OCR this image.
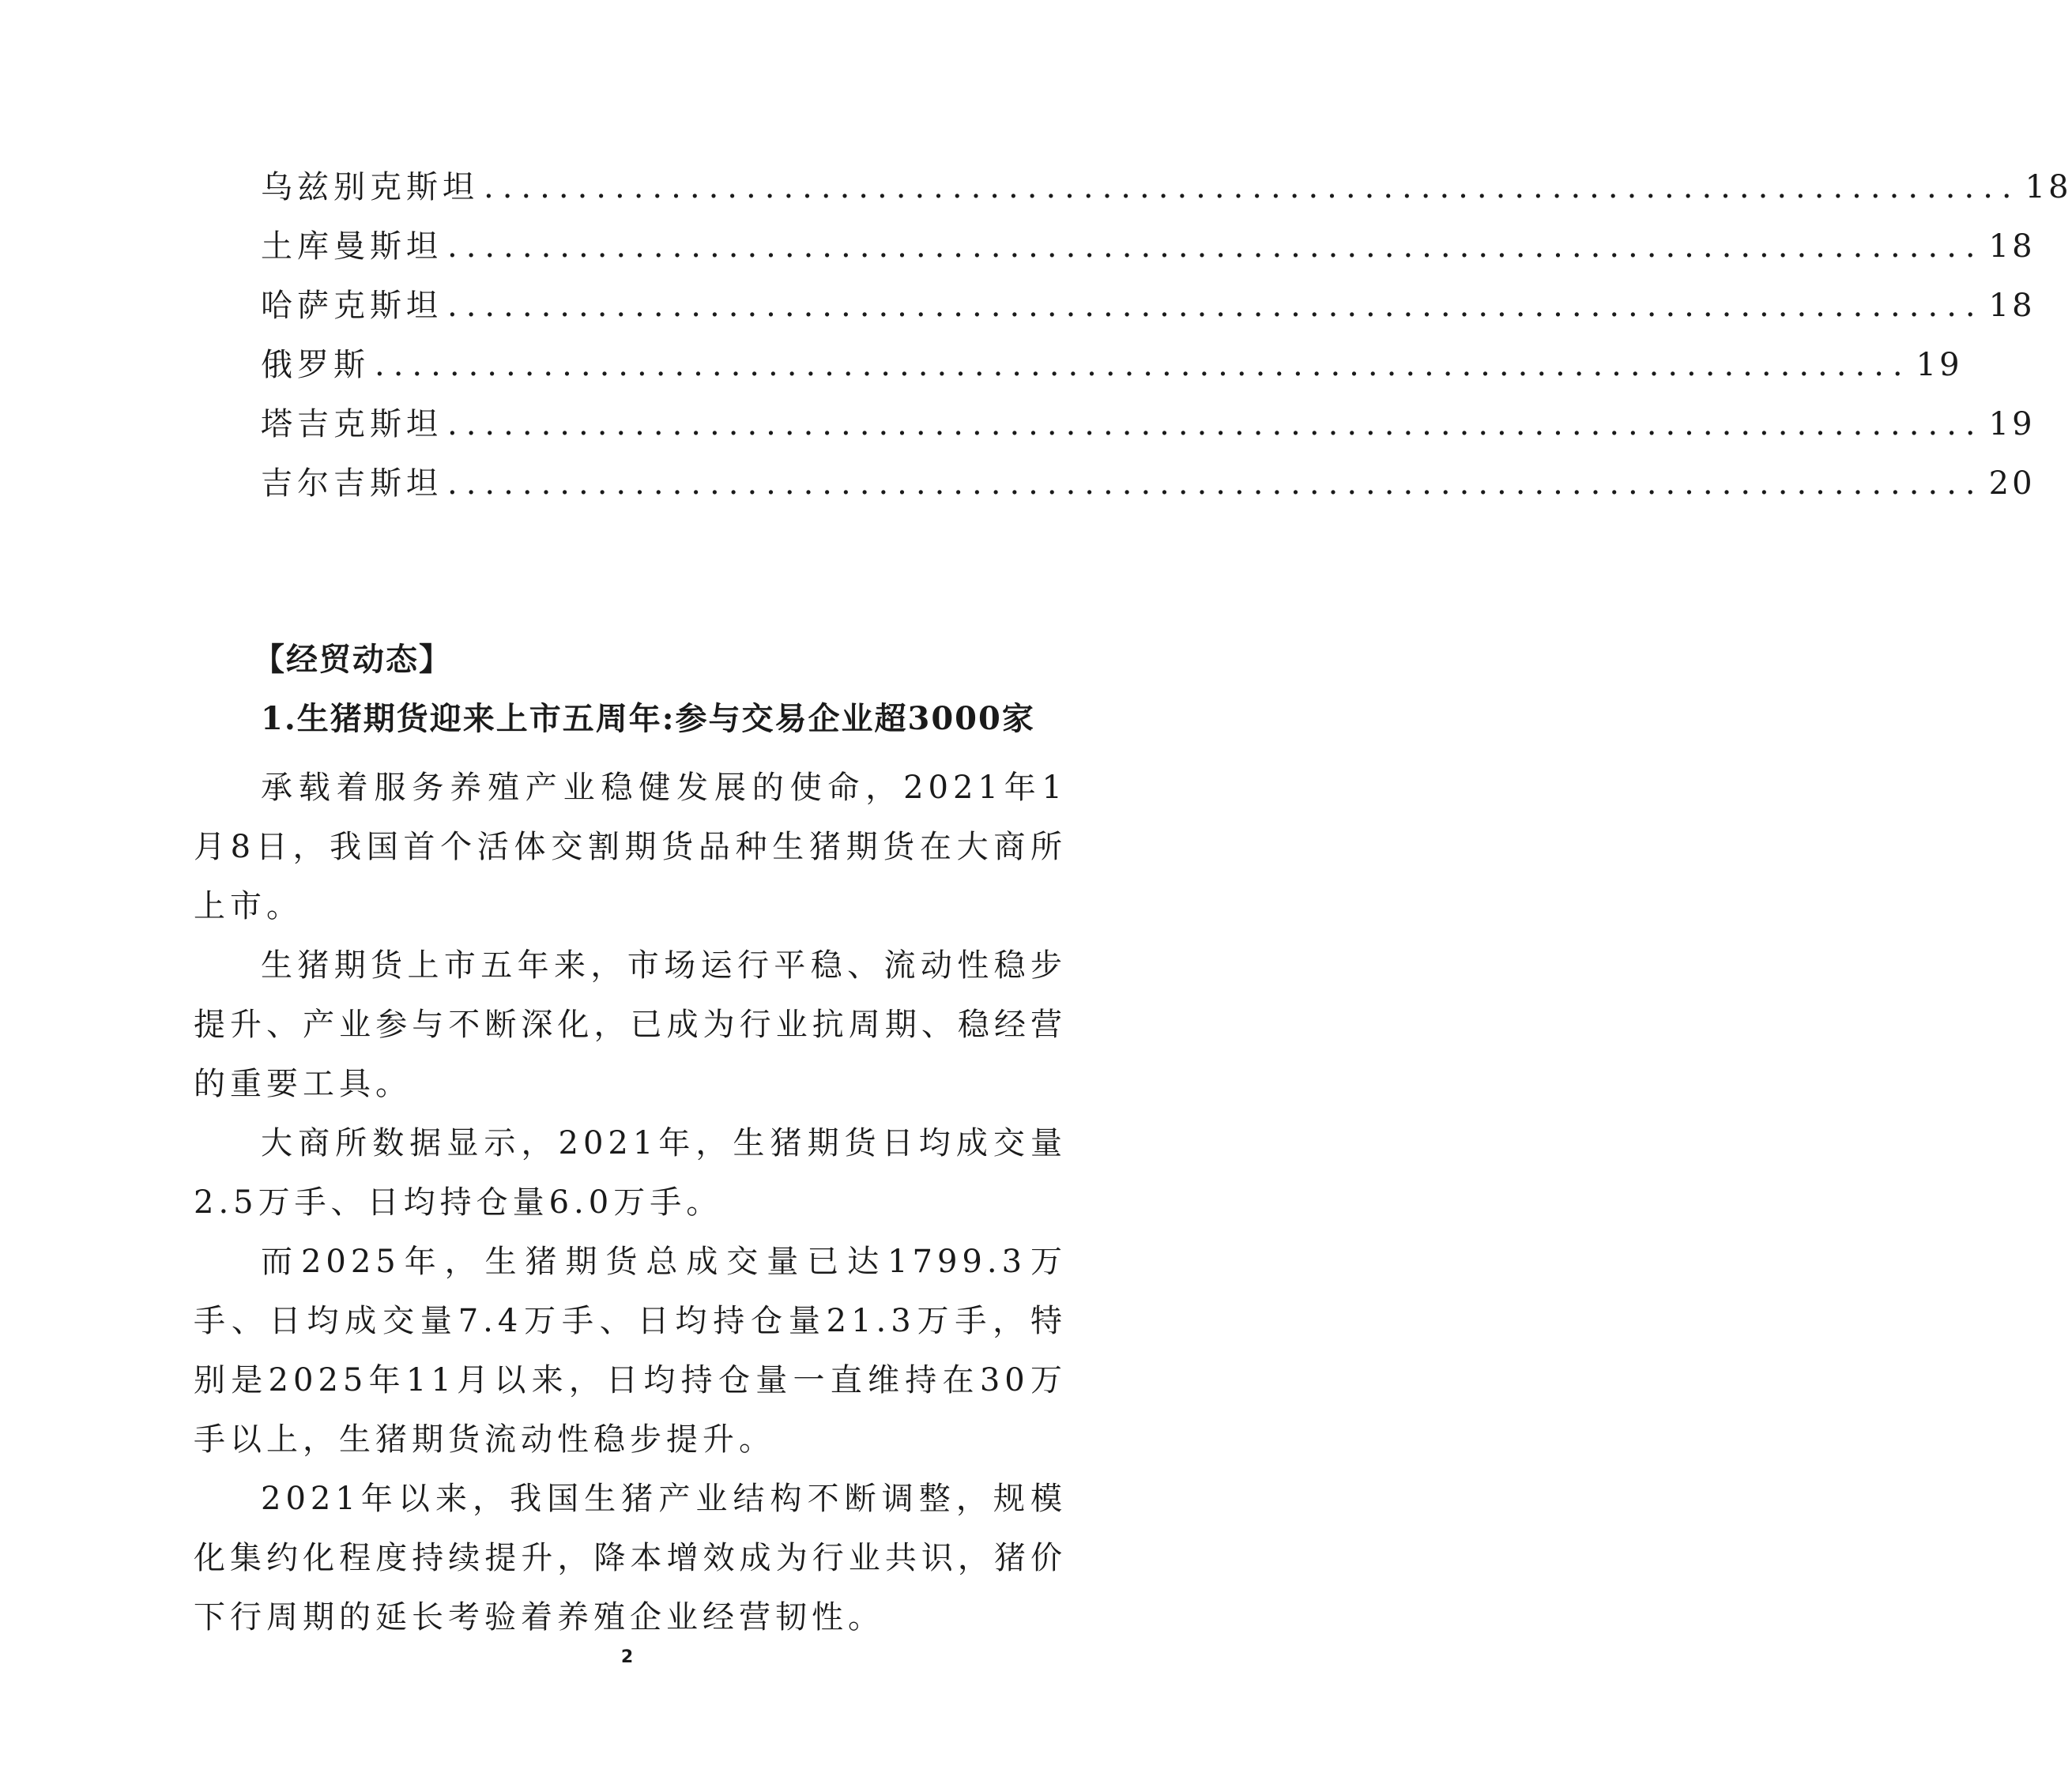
乌兹别克斯坦 .................................................................................. 18
土库曼斯坦 .................................................................................. 18
哈萨克斯坦 .................................................................................. 18
俄罗斯 .................................................................................. 19
塔吉克斯坦 .................................................................................. 19
吉尔吉斯坦 .................................................................................. 20
【经贸动态】
1.生猪期货迎来上市五周年:参与交易企业超3000家

承载着服务养殖产业稳健发展的使命，2021年1月8日，我国首个活体交割期货品种生猪期货在大商所上市。

生猪期货上市五年来，市场运行平稳、流动性稳步提升、产业参与不断深化，已成为行业抗周期、稳经营的重要工具。

大商所数据显示，2021年，生猪期货日均成交量2.5万手、日均持仓量6.0万手。

而2025年，生猪期货总成交量已达1799.3万手、日均成交量7.4万手、日均持仓量21.3万手，特别是2025年11月以来，日均持仓量一直维持在30万手以上，生猪期货流动性稳步提升。

2021年以来，我国生猪产业结构不断调整，规模化集约化程度持续提升，降本增效成为行业共识，猪价下行周期的延长考验着养殖企业经营韧性。

2
